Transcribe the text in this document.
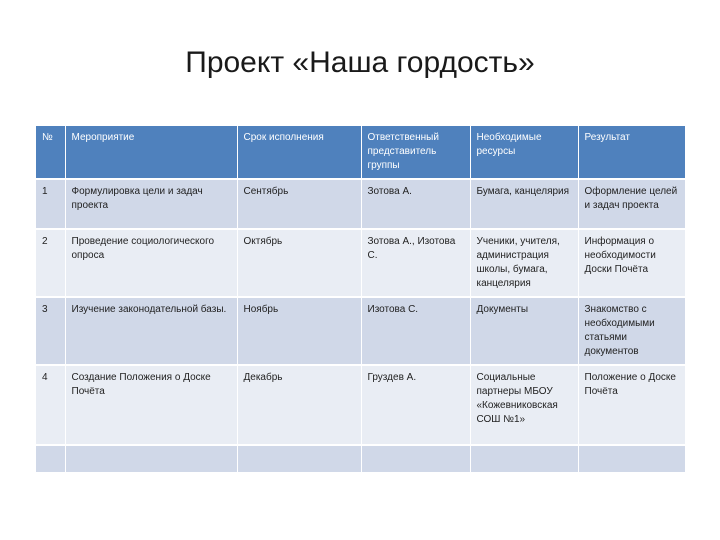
Проект «Наша гордость»
№	Мероприятие	Срок исполнения	Ответственный представитель группы	Необходимые ресурсы	Результат
1	Формулировка цели и задач проекта	Сентябрь	Зотова А.	Бумага, канцелярия	Оформление целей и задач проекта
2	Проведение социологического опроса	Октябрь	Зотова А., Изотова С.	Ученики, учителя, администрация школы, бумага, канцелярия	Информация о необходимости Доски Почёта
3	Изучение законодательной базы.	Ноябрь	Изотова С.	Документы	Знакомство с необходимыми статьями документов
4	Создание Положения о Доске Почёта	Декабрь	Груздев А.	Социальные партнеры МБОУ «Кожевниковская СОШ №1»	Положение о Доске Почёта
